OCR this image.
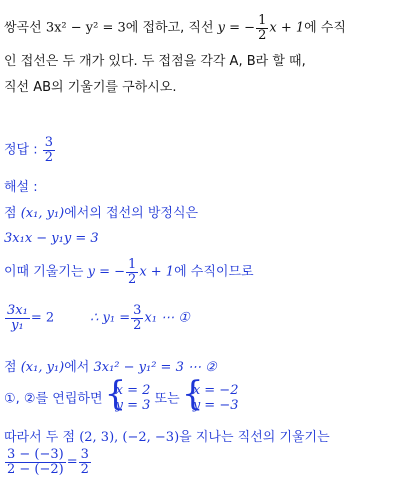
쌍곡선 3x² − y² = 3에 접하고, 직선 y = − $\frac{1}{2}$ x + 1에 수직
인 접선은 두 개가 있다. 두 접점을 각각 A, B라 할 때,
직선 AB의 기울기를 구하시오.
정답 : $\frac{3}{2}$
해설 :
점 (x₁, y₁)에서의 접선의 방정식은
3x₁x − y₁y = 3
이때 기울기는 y = − $\frac{1}{2}$ x + 1에 수직이므로
$\frac{\text{3x₁}}{\text{y₁}} = 2$	∴ $y_1 = \frac{3}{2} x_1$ ⋯ ①
점 (x₁, y₁)에서 3x₁² − y₁² = 3 ⋯ ②
①, ②를 연립하면
{ x = 2
y = 3 또는
{ x = −2
y = −3
따라서 두 점 (2, 3), (−2, −3)을 지나는 직선의 기울기는
$\frac{3 - (-3)}{2 - (-2)} = \frac{3}{2}$
